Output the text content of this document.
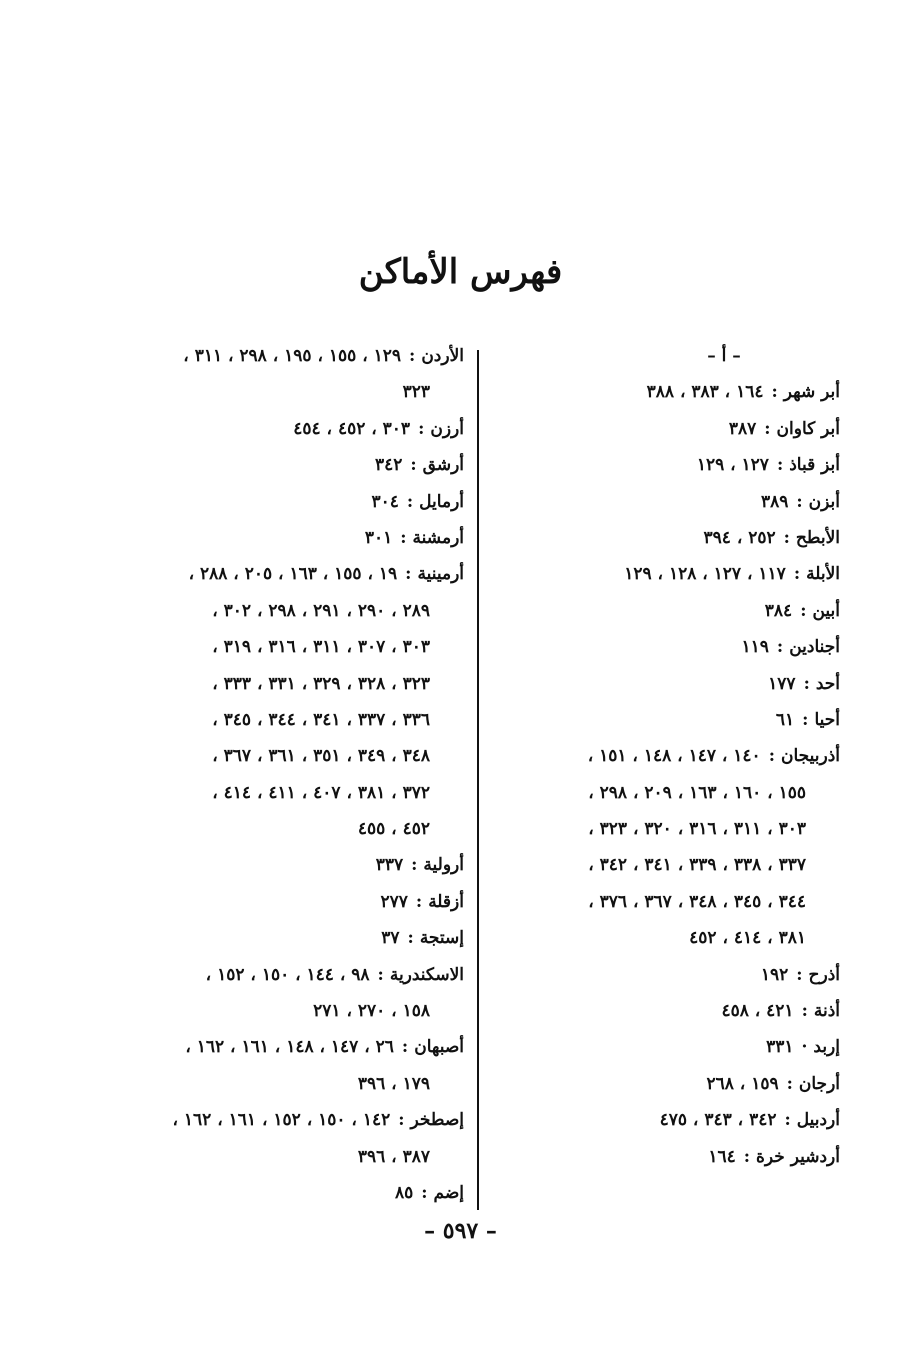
فهرس الأماكن
– أ –
أبر شهر:١٦٤ ، ٣٨٣ ، ٣٨٨
أبر كاوان:٣٨٧
أبز قباذ:١٢٧ ، ١٢٩
أبزن:٣٨٩
الأبطح:٢٥٢ ، ٣٩٤
الأبلة:١١٧ ، ١٢٧ ، ١٢٨ ، ١٢٩
أبين:٣٨٤
أجنادين:١١٩
أحد:١٧٧
أحيا:٦١
أذربيجان:١٤٠ ، ١٤٧ ، ١٤٨ ، ١٥١ ،
١٥٥ ، ١٦٠ ، ١٦٣ ، ٢٠٩ ، ٢٩٨ ،
٣٠٣ ، ٣١١ ، ٣١٦ ، ٣٢٠ ، ٣٢٣ ،
٣٣٧ ، ٣٣٨ ، ٣٣٩ ، ٣٤١ ، ٣٤٢ ،
٣٤٤ ، ٣٤٥ ، ٣٤٨ ، ٣٦٧ ، ٣٧٦ ،
٣٨١ ، ٤١٤ ، ٤٥٢
أذرح:١٩٢
أذنة:٤٢١ ، ٤٥٨
إربد·٣٣١
أرجان:١٥٩ ، ٢٦٨
أردبيل:٣٤٢ ، ٣٤٣ ، ٤٧٥
أردشير خرة:١٦٤
الأردن:١٢٩ ، ١٥٥ ، ١٩٥ ، ٢٩٨ ، ٣١١ ،
٣٢٣
أرزن:٣٠٣ ، ٤٥٢ ، ٤٥٤
أرشق:٣٤٢
أرمايل:٣٠٤
أرمشنة:٣٠١
أرمينية:١٩ ، ١٥٥ ، ١٦٣ ، ٢٠٥ ، ٢٨٨ ،
٢٨٩ ، ٢٩٠ ، ٢٩١ ، ٢٩٨ ، ٣٠٢ ،
٣٠٣ ، ٣٠٧ ، ٣١١ ، ٣١٦ ، ٣١٩ ،
٣٢٣ ، ٣٢٨ ، ٣٢٩ ، ٣٣١ ، ٣٣٣ ،
٣٣٦ ، ٣٣٧ ، ٣٤١ ، ٣٤٤ ، ٣٤٥ ،
٣٤٨ ، ٣٤٩ ، ٣٥١ ، ٣٦١ ، ٣٦٧ ،
٣٧٢ ، ٣٨١ ، ٤٠٧ ، ٤١١ ، ٤١٤ ،
٤٥٢ ، ٤٥٥
أرولية:٣٣٧
أزقلة:٢٧٧
إستجة:٣٧
الاسكندرية:٩٨ ، ١٤٤ ، ١٥٠ ، ١٥٢ ،
١٥٨ ، ٢٧٠ ، ٢٧١
أصبهان:٢٦ ، ١٤٧ ، ١٤٨ ، ١٦١ ، ١٦٢ ،
١٧٩ ، ٣٩٦
إصطخر:١٤٢ ، ١٥٠ ، ١٥٢ ، ١٦١ ، ١٦٢ ،
٣٨٧ ، ٣٩٦
إضم:٨٥
– ٥٩٧ –
